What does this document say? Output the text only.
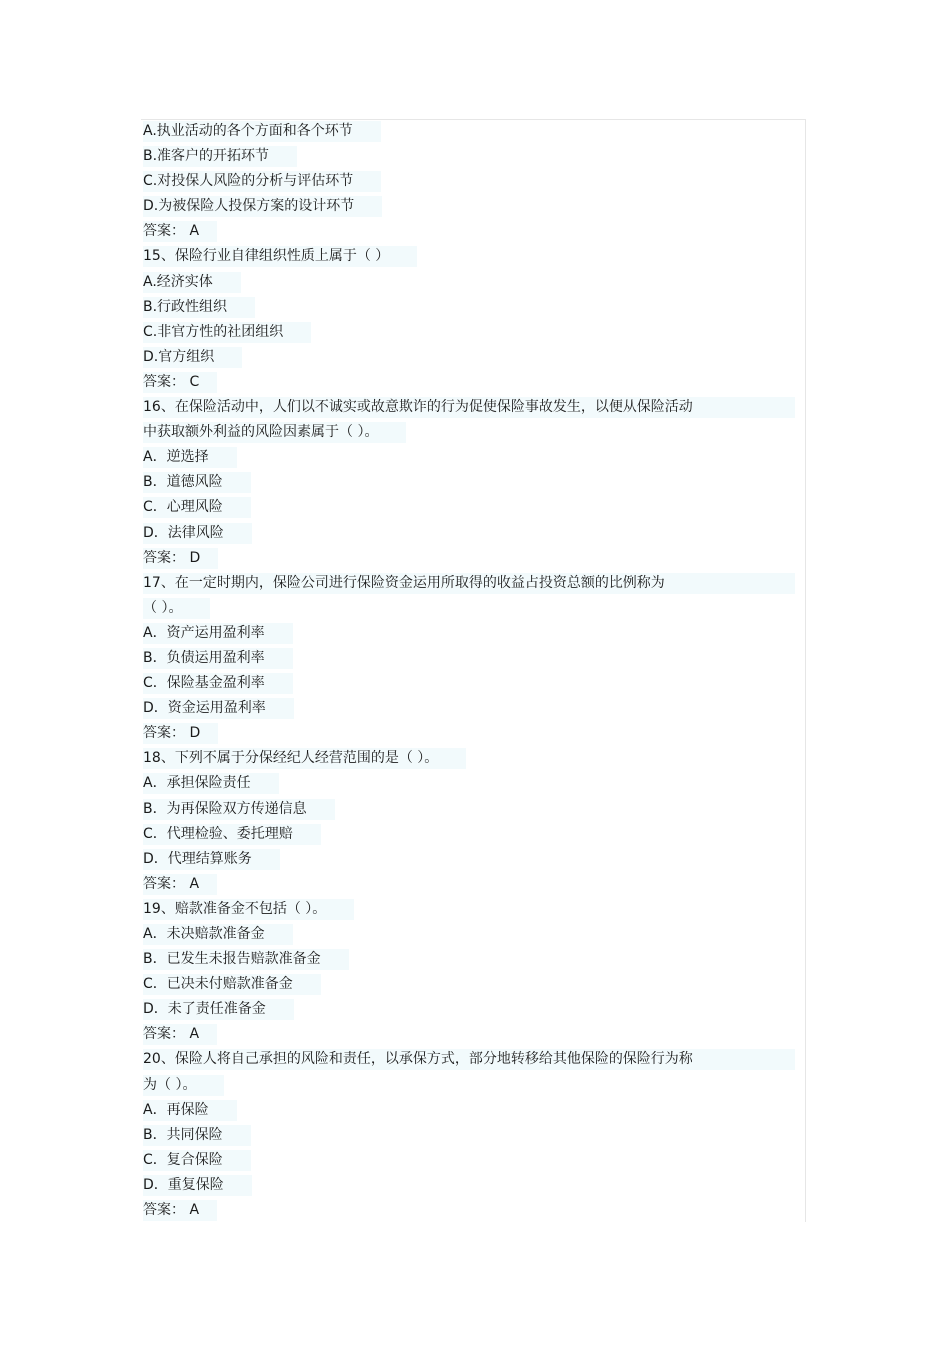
A.执业活动的各个方面和各个环节
B.准客户的开拓环节
C.对投保人风险的分析与评估环节
D.为被保险人投保方案的设计环节
答案： A
15、保险行业自律组织性质上属于（ ）
A.经济实体
B.行政性组织
C.非官方性的社团组织
D.官方组织
答案： C
16、在保险活动中，人们以不诚实或故意欺诈的行为促使保险事故发生，以便从保险活动
中获取额外利益的风险因素属于（ ）。
A．逆选择
B．道德风险
C．心理风险
D．法律风险
答案： D
17、在一定时期内，保险公司进行保险资金运用所取得的收益占投资总额的比例称为
（ ）。
A．资产运用盈利率
B．负债运用盈利率
C．保险基金盈利率
D．资金运用盈利率
答案： D
18、下列不属于分保经纪人经营范围的是（ ）。
A．承担保险责任
B．为再保险双方传递信息
C．代理检验、委托理赔
D．代理结算账务
答案： A
19、赔款准备金不包括（ ）。
A．未决赔款准备金
B．已发生未报告赔款准备金
C．已决未付赔款准备金
D．未了责任准备金
答案： A
20、保险人将自己承担的风险和责任，以承保方式，部分地转移给其他保险的保险行为称
为（ ）。
A．再保险
B．共同保险
C．复合保险
D．重复保险
答案： A
